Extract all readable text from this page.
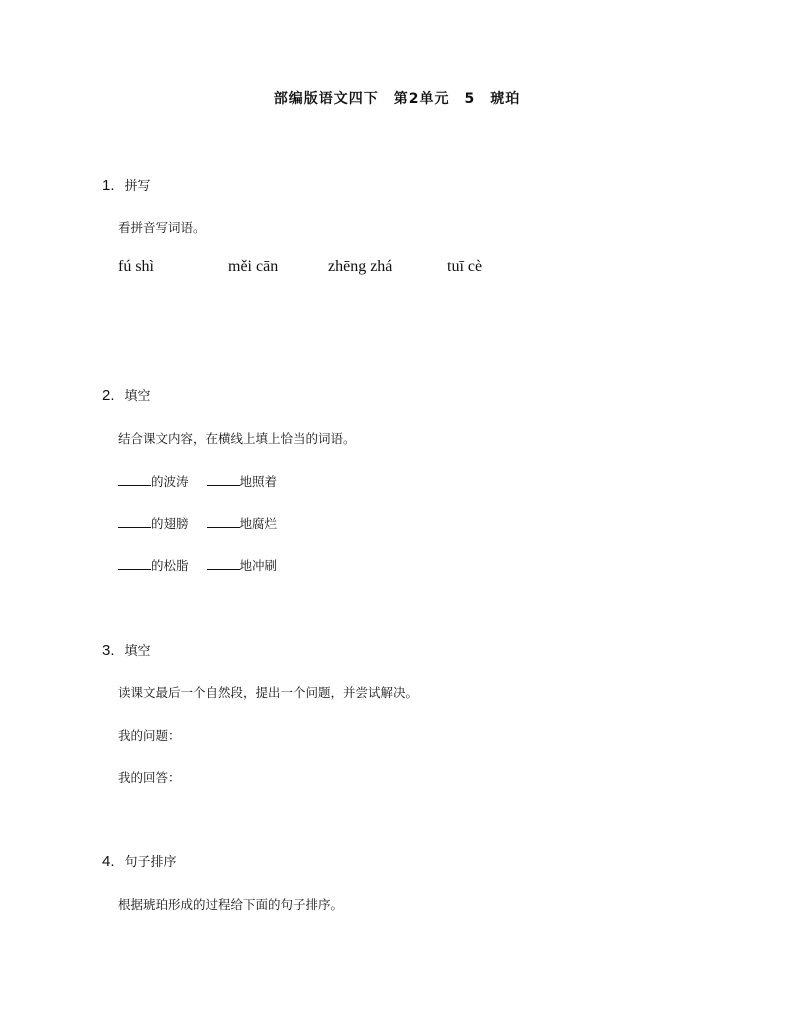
部编版语文四下　第2单元　5　琥珀
1. 拼写
看拼音写词语。
fú shì	měi cān	zhēng zhá	tuī cè
2. 填空
结合课文内容，在横线上填上恰当的词语。
的波涛	地照着
的翅膀	地腐烂
的松脂	地冲刷
3. 填空
读课文最后一个自然段，提出一个问题，并尝试解决。
我的问题：
我的回答：
4. 句子排序
根据琥珀形成的过程给下面的句子排序。
